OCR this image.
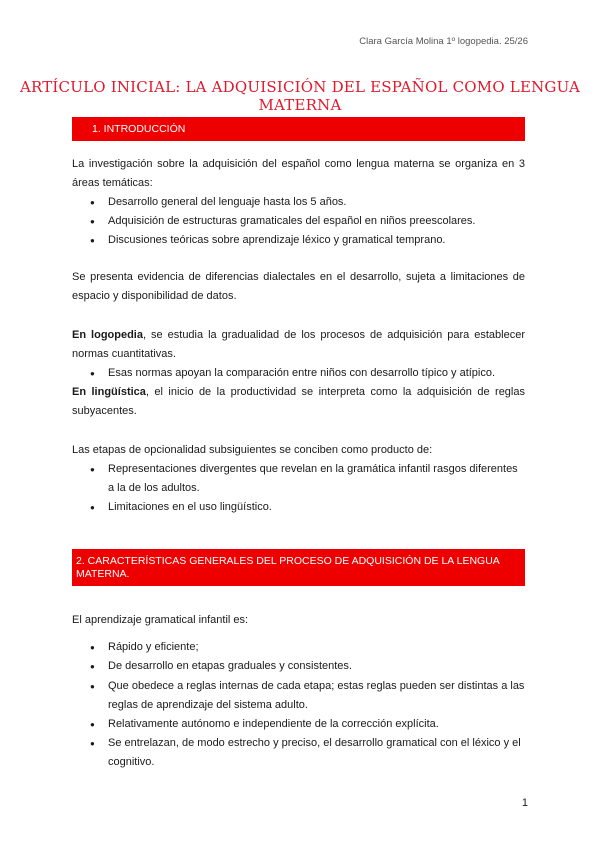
Clara García Molina 1º logopedia. 25/26
ARTÍCULO INICIAL: LA ADQUISICIÓN DEL ESPAÑOL COMO LENGUA MATERNA
1. INTRODUCCIÓN
La investigación sobre la adquisición del español como lengua materna se organiza en 3 áreas temáticas:
● Desarrollo general del lenguaje hasta los 5 años.
● Adquisición de estructuras gramaticales del español en niños preescolares.
● Discusiones teóricas sobre aprendizaje léxico y gramatical temprano.
Se presenta evidencia de diferencias dialectales en el desarrollo, sujeta a limitaciones de espacio y disponibilidad de datos.
En logopedia, se estudia la gradualidad de los procesos de adquisición para establecer normas cuantitativas.
● Esas normas apoyan la comparación entre niños con desarrollo típico y atípico.
En lingüística, el inicio de la productividad se interpreta como la adquisición de reglas subyacentes.
Las etapas de opcionalidad subsiguientes se conciben como producto de:
● Representaciones divergentes que revelan en la gramática infantil rasgos diferentes a la de los adultos.
● Limitaciones en el uso lingüístico.
2. CARACTERÍSTICAS GENERALES DEL PROCESO DE ADQUISICIÓN DE LA LENGUA MATERNA.
El aprendizaje gramatical infantil es:
● Rápido y eficiente;
● De desarrollo en etapas graduales y consistentes.
● Que obedece a reglas internas de cada etapa; estas reglas pueden ser distintas a las reglas de aprendizaje del sistema adulto.
● Relativamente autónomo e independiente de la corrección explícita.
● Se entrelazan, de modo estrecho y preciso, el desarrollo gramatical con el léxico y el cognitivo.
1
